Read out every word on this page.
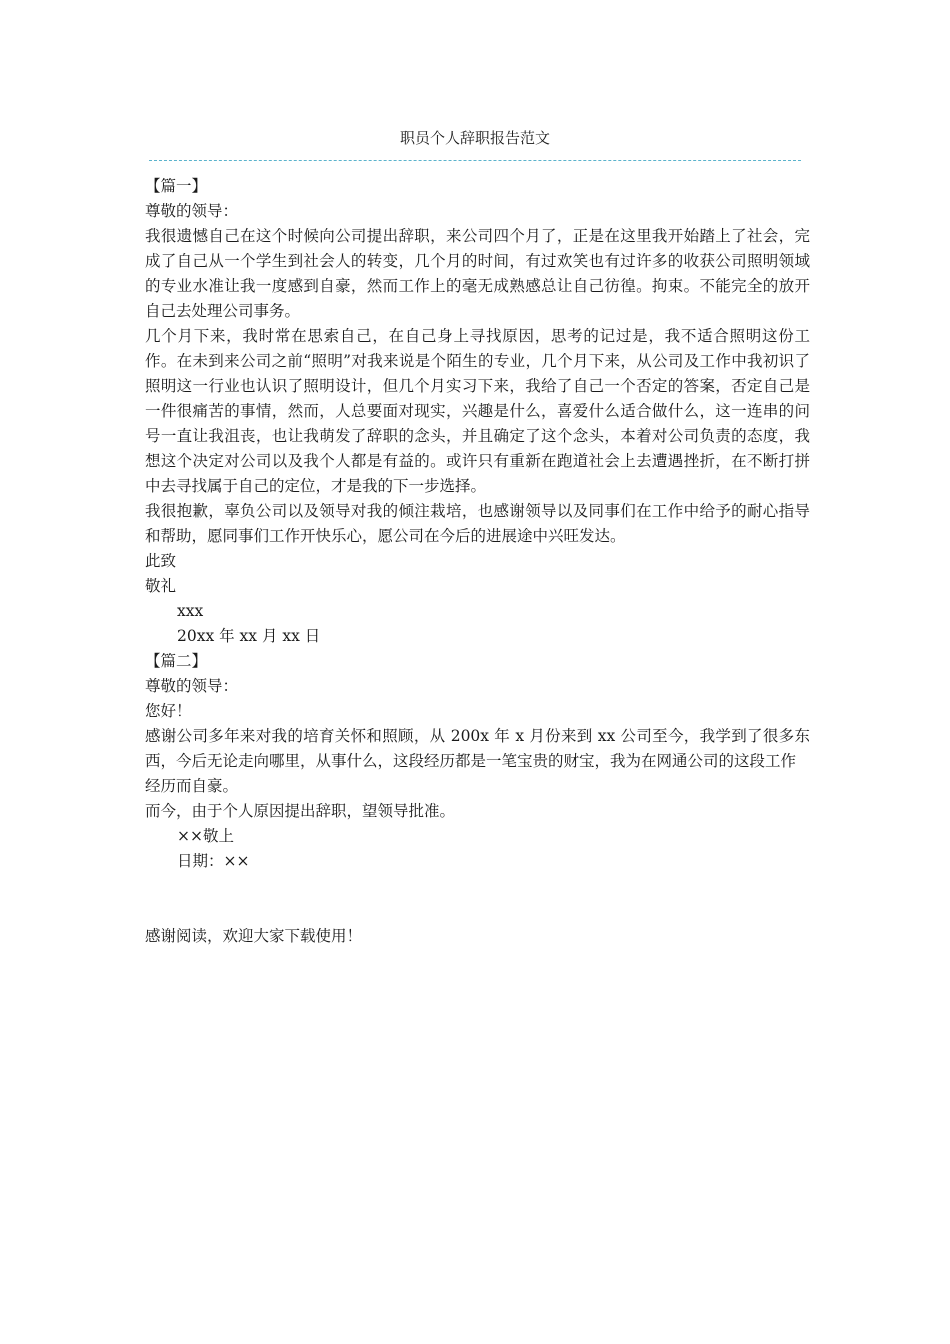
职员个人辞职报告范文

【篇一】

尊敬的领导：

我很遗憾自己在这个时候向公司提出辞职，来公司四个月了，正是在这里我开始踏上了社会，完成了自己从一个学生到社会人的转变，几个月的时间，有过欢笑也有过许多的收获公司照明领域的专业水准让我一度感到自豪，然而工作上的毫无成熟感总让自己彷徨。拘束。不能完全的放开自己去处理公司事务。

几个月下来，我时常在思索自己，在自己身上寻找原因，思考的记过是，我不适合照明这份工作。在未到来公司之前“照明”对我来说是个陌生的专业，几个月下来，从公司及工作中我初识了照明这一行业也认识了照明设计，但几个月实习下来，我给了自己一个否定的答案，否定自己是一件很痛苦的事情，然而，人总要面对现实，兴趣是什么，喜爱什么适合做什么，这一连串的问号一直让我沮丧，也让我萌发了辞职的念头，并且确定了这个念头，本着对公司负责的态度，我想这个决定对公司以及我个人都是有益的。或许只有重新在跑道社会上去遭遇挫折，在不断打拼中去寻找属于自己的定位，才是我的下一步选择。

我很抱歉，辜负公司以及领导对我的倾注栽培，也感谢领导以及同事们在工作中给予的耐心指导和帮助，愿同事们工作开快乐心，愿公司在今后的进展途中兴旺发达。

此致

敬礼

xxx

20xx 年 xx 月 xx 日

【篇二】

尊敬的领导：

您好！

感谢公司多年来对我的培育关怀和照顾，从 200x 年 x 月份来到 xx 公司至今，我学到了很多东西，今后无论走向哪里，从事什么，这段经历都是一笔宝贵的财宝，我为在网通公司的这段工作

经历而自豪。

而今，由于个人原因提出辞职，望领导批准。

××敬上

日期：××

感谢阅读，欢迎大家下载使用！
